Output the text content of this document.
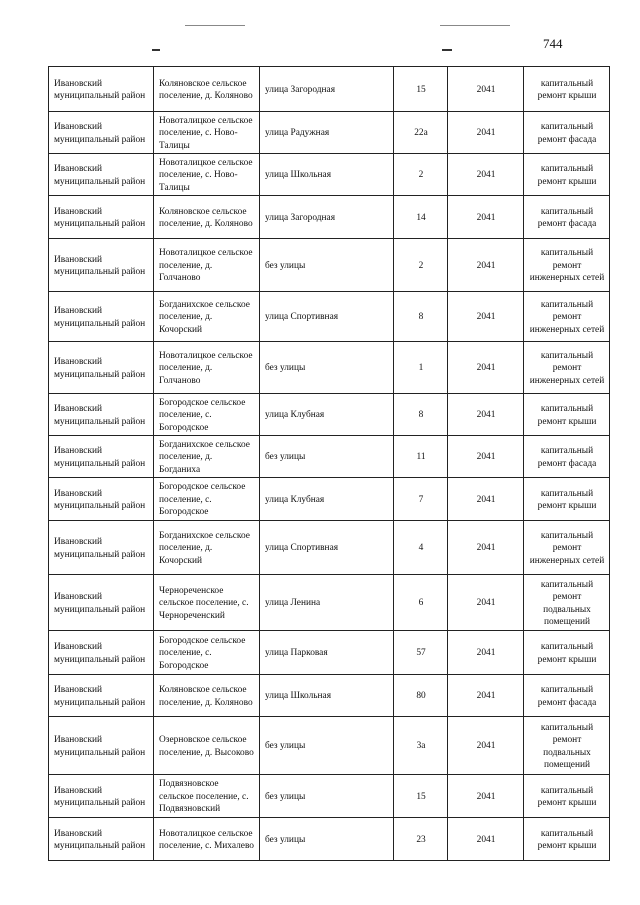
744
Ивановский муниципальный район	Коляновское сельское поселение, д. Коляново	улица Загородная	15	2041	капитальный ремонт крыши
Ивановский муниципальный район	Новоталицкое сельское поселение, с. Ново-Талицы	улица Радужная	22а	2041	капитальный ремонт фасада
Ивановский муниципальный район	Новоталицкое сельское поселение, с. Ново-Талицы	улица Школьная	2	2041	капитальный ремонт крыши
Ивановский муниципальный район	Коляновское сельское поселение, д. Коляново	улица Загородная	14	2041	капитальный ремонт фасада
Ивановский муниципальный район	Новоталицкое сельское поселение, д. Голчаново	без улицы	2	2041	капитальный ремонт инженерных сетей
Ивановский муниципальный район	Богданихское сельское поселение, д. Кочорский	улица Спортивная	8	2041	капитальный ремонт инженерных сетей
Ивановский муниципальный район	Новоталицкое сельское поселение, д. Голчаново	без улицы	1	2041	капитальный ремонт инженерных сетей
Ивановский муниципальный район	Богородское сельское поселение, с. Богородское	улица Клубная	8	2041	капитальный ремонт крыши
Ивановский муниципальный район	Богданихское сельское поселение, д. Богданиха	без улицы	11	2041	капитальный ремонт фасада
Ивановский муниципальный район	Богородское сельское поселение, с. Богородское	улица Клубная	7	2041	капитальный ремонт крыши
Ивановский муниципальный район	Богданихское сельское поселение, д. Кочорский	улица Спортивная	4	2041	капитальный ремонт инженерных сетей
Ивановский муниципальный район	Чернореченское сельское поселение, с. Чернореченский	улица Ленина	6	2041	капитальный ремонт подвальных помещений
Ивановский муниципальный район	Богородское сельское поселение, с. Богородское	улица Парковая	57	2041	капитальный ремонт крыши
Ивановский муниципальный район	Коляновское сельское поселение, д. Коляново	улица Школьная	80	2041	капитальный ремонт фасада
Ивановский муниципальный район	Озерновское сельское поселение, д. Высоково	без улицы	3а	2041	капитальный ремонт подвальных помещений
Ивановский муниципальный район	Подвязновское сельское поселение, с. Подвязновский	без улицы	15	2041	капитальный ремонт крыши
Ивановский муниципальный район	Новоталицкое сельское поселение, с. Михалево	без улицы	23	2041	капитальный ремонт крыши
